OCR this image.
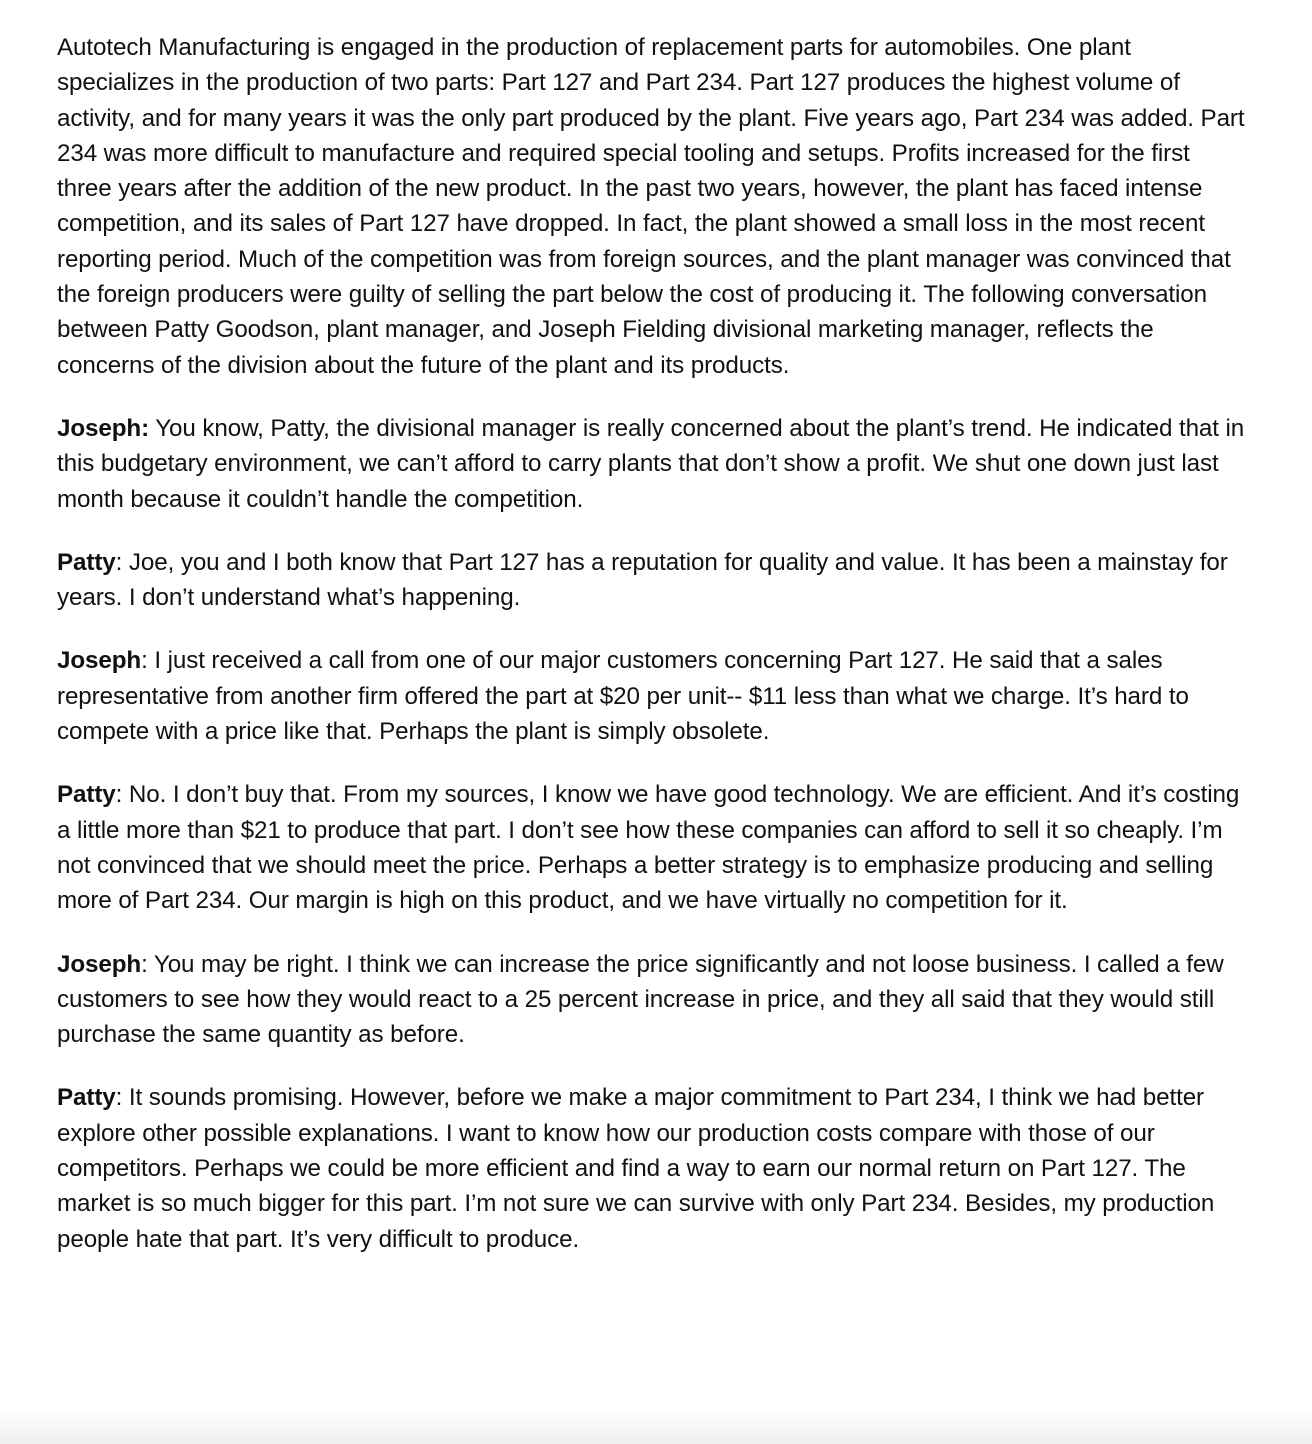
Autotech Manufacturing is engaged in the production of replacement parts for automobiles. One plant specializes in the production of two parts: Part 127 and Part 234. Part 127 produces the highest volume of activity, and for many years it was the only part produced by the plant. Five years ago, Part 234 was added. Part 234 was more difficult to manufacture and required special tooling and setups. Profits increased for the first three years after the addition of the new product. In the past two years, however, the plant has faced intense competition, and its sales of Part 127 have dropped. In fact, the plant showed a small loss in the most recent reporting period. Much of the competition was from foreign sources, and the plant manager was convinced that the foreign producers were guilty of selling the part below the cost of producing it. The following conversation between Patty Goodson, plant manager, and Joseph Fielding divisional marketing manager, reflects the concerns of the division about the future of the plant and its products.

Joseph: You know, Patty, the divisional manager is really concerned about the plant’s trend. He indicated that in this budgetary environment, we can’t afford to carry plants that don’t show a profit. We shut one down just last month because it couldn’t handle the competition.

Patty: Joe, you and I both know that Part 127 has a reputation for quality and value. It has been a mainstay for years. I don’t understand what’s happening.

Joseph: I just received a call from one of our major customers concerning Part 127. He said that a sales representative from another firm offered the part at $20 per unit-- $11 less than what we charge. It’s hard to compete with a price like that. Perhaps the plant is simply obsolete.

Patty: No. I don’t buy that. From my sources, I know we have good technology. We are efficient. And it’s costing a little more than $21 to produce that part. I don’t see how these companies can afford to sell it so cheaply. I’m not convinced that we should meet the price. Perhaps a better strategy is to emphasize producing and selling more of Part 234. Our margin is high on this product, and we have virtually no competition for it.

Joseph: You may be right. I think we can increase the price significantly and not loose business. I called a few customers to see how they would react to a 25 percent increase in price, and they all said that they would still purchase the same quantity as before.

Patty: It sounds promising. However, before we make a major commitment to Part 234, I think we had better explore other possible explanations. I want to know how our production costs compare with those of our competitors. Perhaps we could be more efficient and find a way to earn our normal return on Part 127. The market is so much bigger for this part. I’m not sure we can survive with only Part 234. Besides, my production people hate that part. It’s very difficult to produce.
